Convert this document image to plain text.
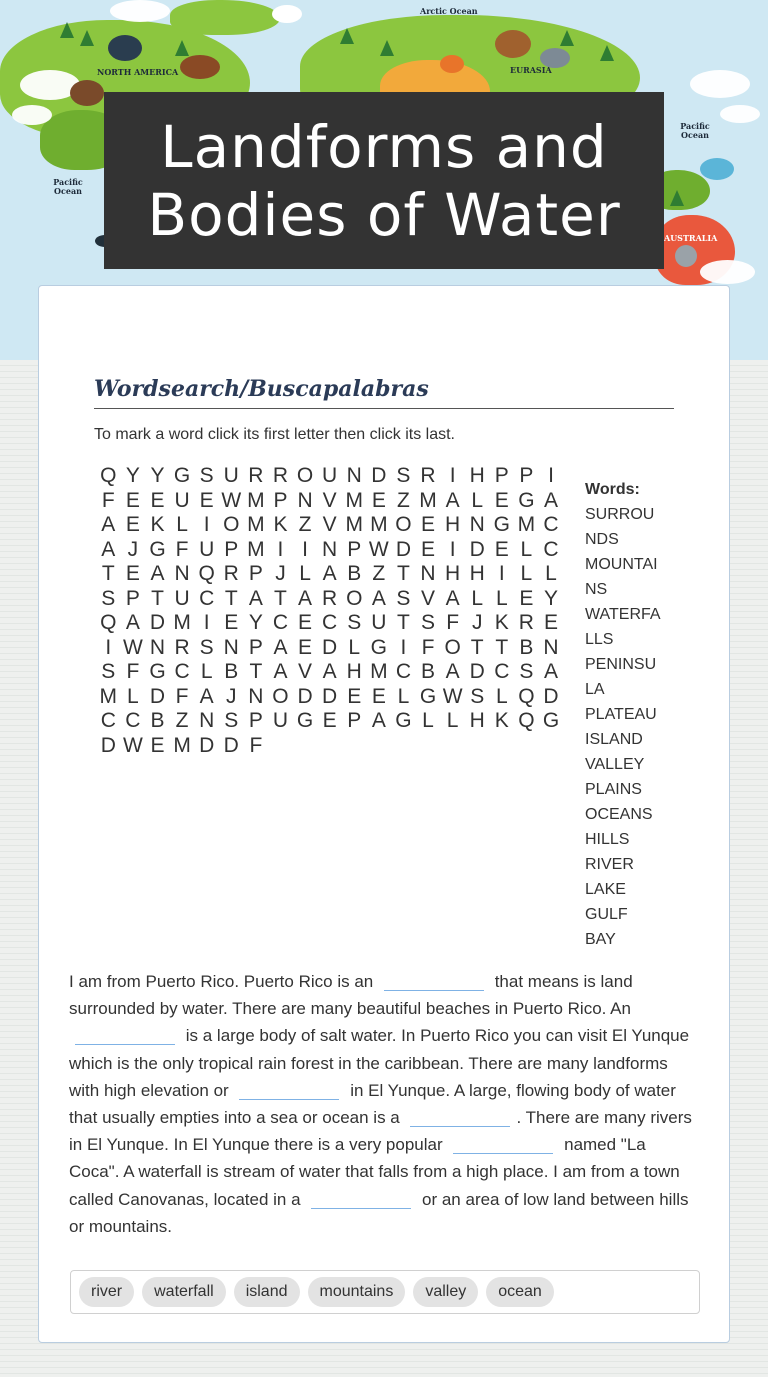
Arctic Ocean
NORTH AMERICA	EURASIA
Pacific Ocean
Pacific Ocean
AUSTRALIA
Landforms and Bodies of Water
Wordsearch/Buscapalabras

To mark a word click its first letter then click its last.

Q Y Y G S U R R O U N D S R I H P P I
F E E U E W M P N V M E Z M A L E G A
A E K L I O M K Z V M M O E H N G M C
A J G F U P M I I N P W D E I D E L C
T E A N Q R P J L A B Z T N H H I L L
S P T U C T A T A R O A S V A L L E Y
Q A D M I E Y C E C S U T S F J K R E
I W N R S N P A E D L G I F O T T B N
S F G C L B T A V A H M C B A D C S A
M L D F A J N O D D E E L G W S L Q D
C C B Z N S P U G E P A G L L H K Q G
D W E M D D F
Words:
SURROUNDS
MOUNTAINS
WATERFALLS
PENINSULA
PLATEAU
ISLAND
VALLEY
PLAINS
OCEANS
HILLS
RIVER
LAKE
GULF
BAY
I am from Puerto Rico. Puerto Rico is an	that means is land surrounded by water. There are many beautiful beaches in Puerto Rico. An  is a large body of salt water. In Puerto Rico you can visit El Yunque which is the only tropical rain forest in the caribbean. There are many landforms with high elevation or	in El Yunque. A large, flowing body of water that usually empties into a sea or ocean is a	. There are many rivers in El Yunque. In El Yunque there is a very popular	named "La Coca". A waterfall is stream of water that falls from a high place. I am from a town called Canovanas, located in a	or an area of low land between hills or mountains.
river	waterfall	island	mountains	valley	ocean
